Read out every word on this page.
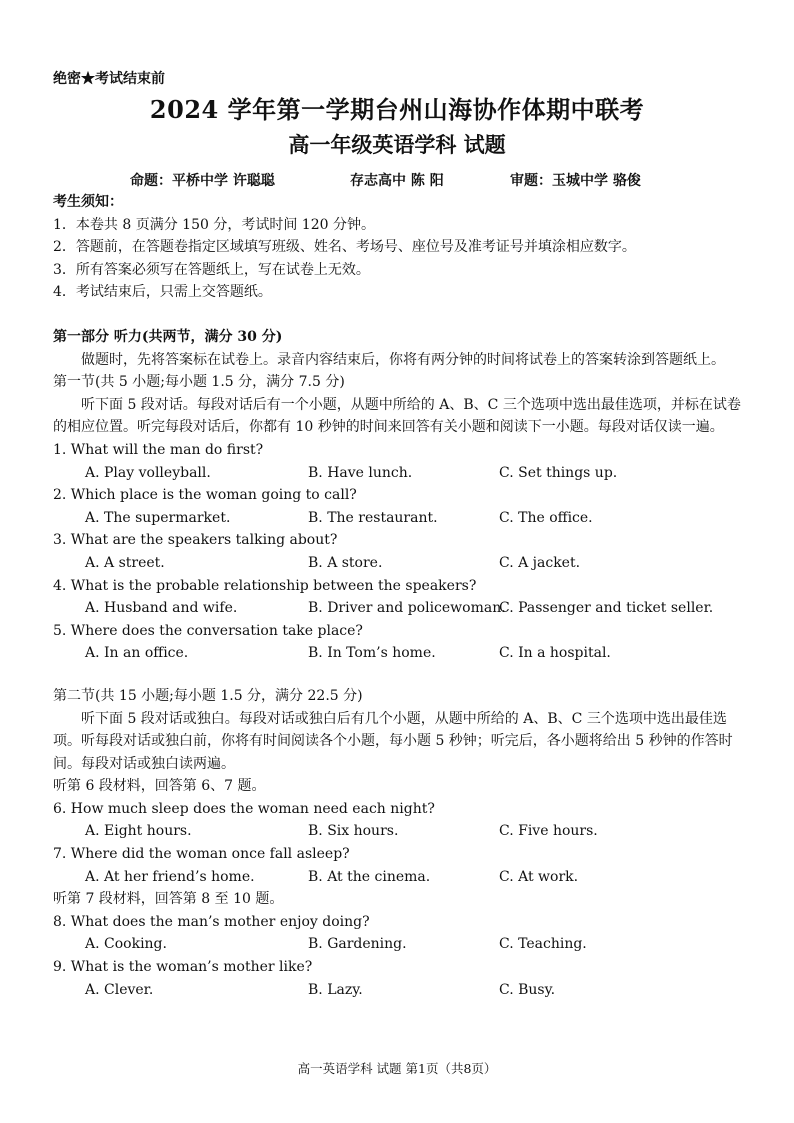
绝密★考试结束前
2024 学年第一学期台州山海协作体期中联考
高一年级英语学科 试题
命题：平桥中学 许聪聪	存志高中 陈 阳	审题：玉城中学 骆俊
考生须知：
1．本卷共 8 页满分 150 分，考试时间 120 分钟。
2．答题前，在答题卷指定区域填写班级、姓名、考场号、座位号及准考证号并填涂相应数字。
3．所有答案必须写在答题纸上，写在试卷上无效。
4．考试结束后，只需上交答题纸。
第一部分 听力(共两节，满分 30 分)
做题时，先将答案标在试卷上。录音内容结束后，你将有两分钟的时间将试卷上的答案转涂到答题纸上。
第一节(共 5 小题;每小题 1.5 分，满分 7.5 分)
听下面 5 段对话。每段对话后有一个小题，从题中所给的 A、B、C 三个选项中选出最佳选项，并标在试卷的相应位置。听完每段对话后，你都有 10 秒钟的时间来回答有关小题和阅读下一小题。每段对话仅读一遍。
1. What will the man do first?
A. Play volleyball.	B. Have lunch.	C. Set things up.
2. Which place is the woman going to call?
A. The supermarket.	B. The restaurant.	C. The office.
3. What are the speakers talking about?
A. A street.	B. A store.	C. A jacket.
4. What is the probable relationship between the speakers?
A. Husband and wife.	B. Driver and policewoman.
C. Passenger and ticket seller.
5. Where does the conversation take place?
A. In an office.	B. In Tom’s home.	C. In a hospital.
第二节(共 15 小题;每小题 1.5 分，满分 22.5 分)
听下面 5 段对话或独白。每段对话或独白后有几个小题，从题中所给的 A、B、C 三个选项中选出最佳选项。听每段对话或独白前，你将有时间阅读各个小题，每小题 5 秒钟；听完后，各小题将给出 5 秒钟的作答时间。每段对话或独白读两遍。
听第 6 段材料，回答第 6、7 题。
6. How much sleep does the woman need each night?
A. Eight hours.	B. Six hours.	C. Five hours.
7. Where did the woman once fall asleep?
A. At her friend’s home.	B. At the cinema.	C. At work.
听第 7 段材料，回答第 8 至 10 题。
8. What does the man’s mother enjoy doing?
A. Cooking.	B. Gardening.	C. Teaching.
9. What is the woman’s mother like?
A. Clever.	B. Lazy.	C. Busy.
高一英语学科 试题 第1页（共8页）
